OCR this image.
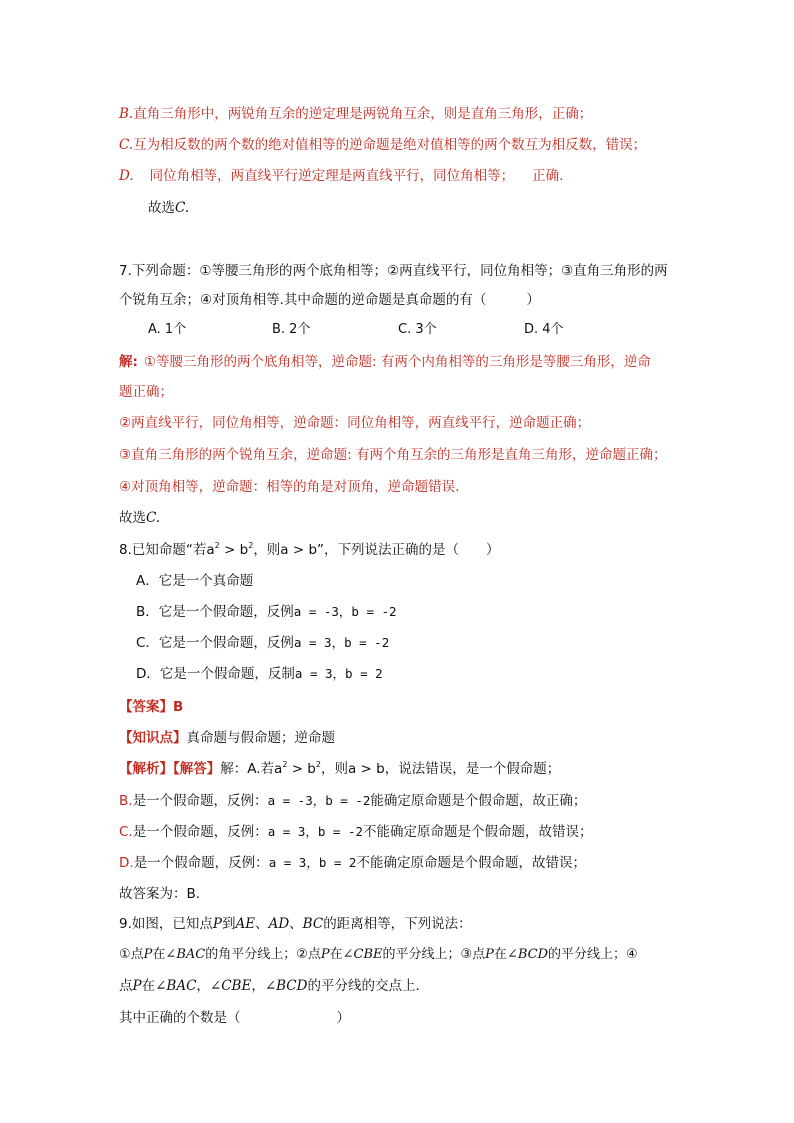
B.直角三角形中，两锐角互余的逆定理是两锐角互余，则是直角三角形，正确；
C.互为相反数的两个数的绝对值相等的逆命题是绝对值相等的两个数互为相反数，错误；
D. 同位角相等，两直线平行逆定理是两直线平行，同位角相等； 正确.
故选C.
7.下列命题：①等腰三角形的两个底角相等；②两直线平行，同位角相等；③直角三角形的两
个锐角互余；④对顶角相等.其中命题的逆命题是真命题的有（	）
A. 1个	B. 2个	C. 3个	D. 4个
解: ①等腰三角形的两个底角相等，逆命题: 有两个内角相等的三角形是等腰三角形，逆命
题正确；
②两直线平行，同位角相等，逆命题：同位角相等，两直线平行，逆命题正确；
③直角三角形的两个锐角互余，逆命题: 有两个角互余的三角形是直角三角形，逆命题正确；
④对顶角相等，逆命题：相等的角是对顶角，逆命题错误.
故选C.
8.已知命题“若$a^2 > b^2$，则a > b”，下列说法正确的是（　　）
A．它是一个真命题
B．它是一个假命题，反例a = -3，b = -2
C．它是一个假命题，反例a = 3，b = -2
D．它是一个假命题，反制a = 3，b = 2
【答案】B
【知识点】真命题与假命题；逆命题
【解析】【解答】解：A.若$a^2 > b^2$，则a > b，说法错误，是一个假命题；
B.是一个假命题，反例：a = -3，b = -2能确定原命题是个假命题，故正确；
C.是一个假命题，反例：a = 3，b = -2不能确定原命题是个假命题，故错误；
D.是一个假命题，反例：a = 3，b = 2不能确定原命题是个假命题，故错误；
故答案为：B.
9.如图，已知点P到AE、AD、BC的距离相等，下列说法：
①点P在∠BAC的角平分线上；②点P在∠CBE的平分线上；③点P在∠BCD的平分线上；④
点P在∠BAC，∠CBE，∠BCD的平分线的交点上.
其中正确的个数是（	）
